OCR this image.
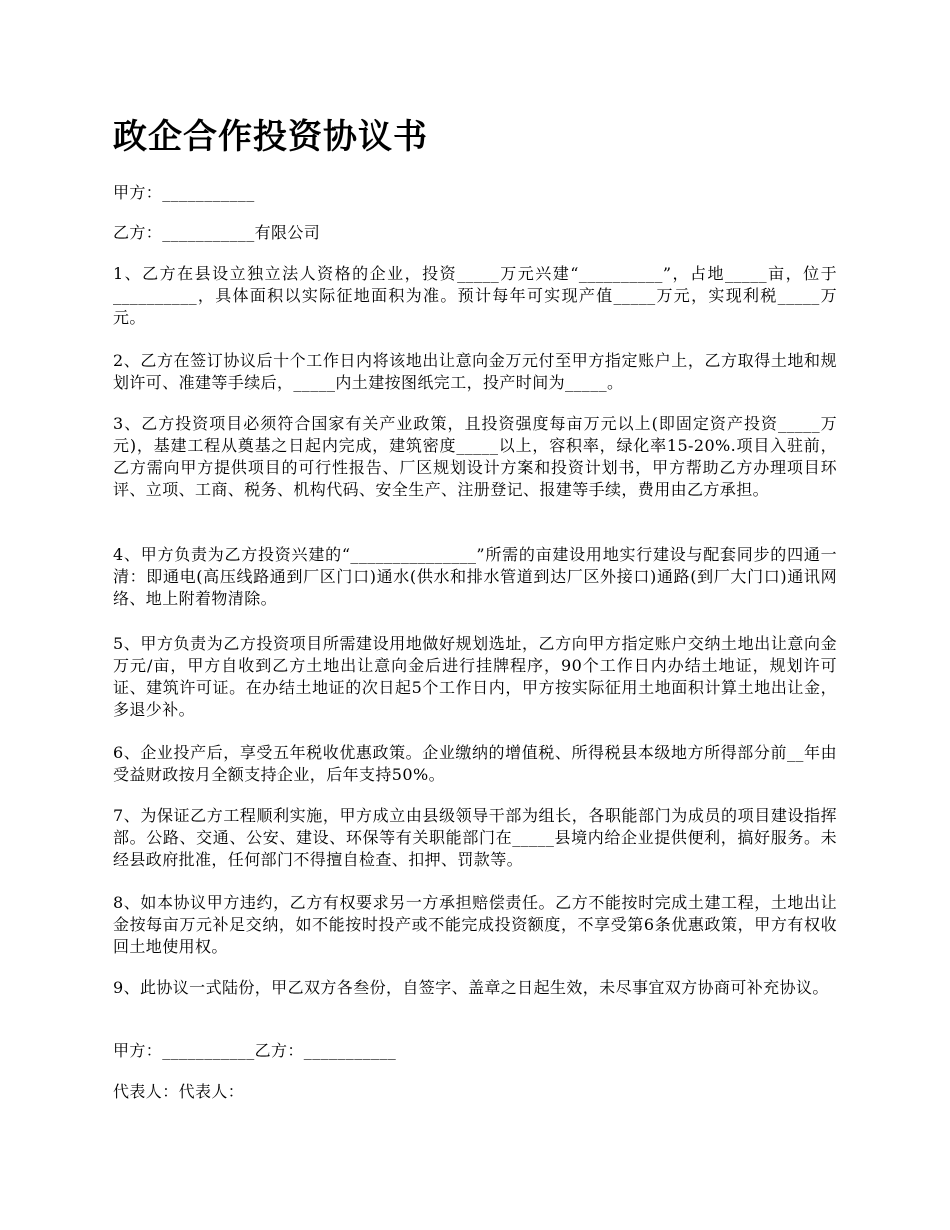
政企合作投资协议书

甲方：___________

乙方：___________有限公司

1、乙方在县设立独立法人资格的企业，投资_____万元兴建“__________”，占地_____亩，位于__________，具体面积以实际征地面积为准。预计每年可实现产值_____万元，实现利税_____万元。

2、乙方在签订协议后十个工作日内将该地出让意向金万元付至甲方指定账户上，乙方取得土地和规划许可、准建等手续后，_____内土建按图纸完工，投产时间为_____。

3、乙方投资项目必须符合国家有关产业政策，且投资强度每亩万元以上(即固定资产投资_____万元)，基建工程从奠基之日起内完成，建筑密度_____以上，容积率，绿化率15-20%.项目入驻前，乙方需向甲方提供项目的可行性报告、厂区规划设计方案和投资计划书，甲方帮助乙方办理项目环评、立项、工商、税务、机构代码、安全生产、注册登记、报建等手续，费用由乙方承担。

4、甲方负责为乙方投资兴建的“_______________”所需的亩建设用地实行建设与配套同步的四通一清：即通电(高压线路通到厂区门口)通水(供水和排水管道到达厂区外接口)通路(到厂大门口)通讯网络、地上附着物清除。

5、甲方负责为乙方投资项目所需建设用地做好规划选址，乙方向甲方指定账户交纳土地出让意向金万元/亩，甲方自收到乙方土地出让意向金后进行挂牌程序，90个工作日内办结土地证，规划许可证、建筑许可证。在办结土地证的次日起5个工作日内，甲方按实际征用土地面积计算土地出让金，多退少补。

6、企业投产后，享受五年税收优惠政策。企业缴纳的增值税、所得税县本级地方所得部分前__年由受益财政按月全额支持企业，后年支持50%。

7、为保证乙方工程顺利实施，甲方成立由县级领导干部为组长，各职能部门为成员的项目建设指挥部。公路、交通、公安、建设、环保等有关职能部门在_____县境内给企业提供便利，搞好服务。未经县政府批准，任何部门不得擅自检查、扣押、罚款等。

8、如本协议甲方违约，乙方有权要求另一方承担赔偿责任。乙方不能按时完成土建工程，土地出让金按每亩万元补足交纳，如不能按时投产或不能完成投资额度，不享受第6条优惠政策，甲方有权收回土地使用权。

9、此协议一式陆份，甲乙双方各叁份，自签字、盖章之日起生效，未尽事宜双方协商可补充协议。

甲方：___________乙方：___________

代表人：代表人：
